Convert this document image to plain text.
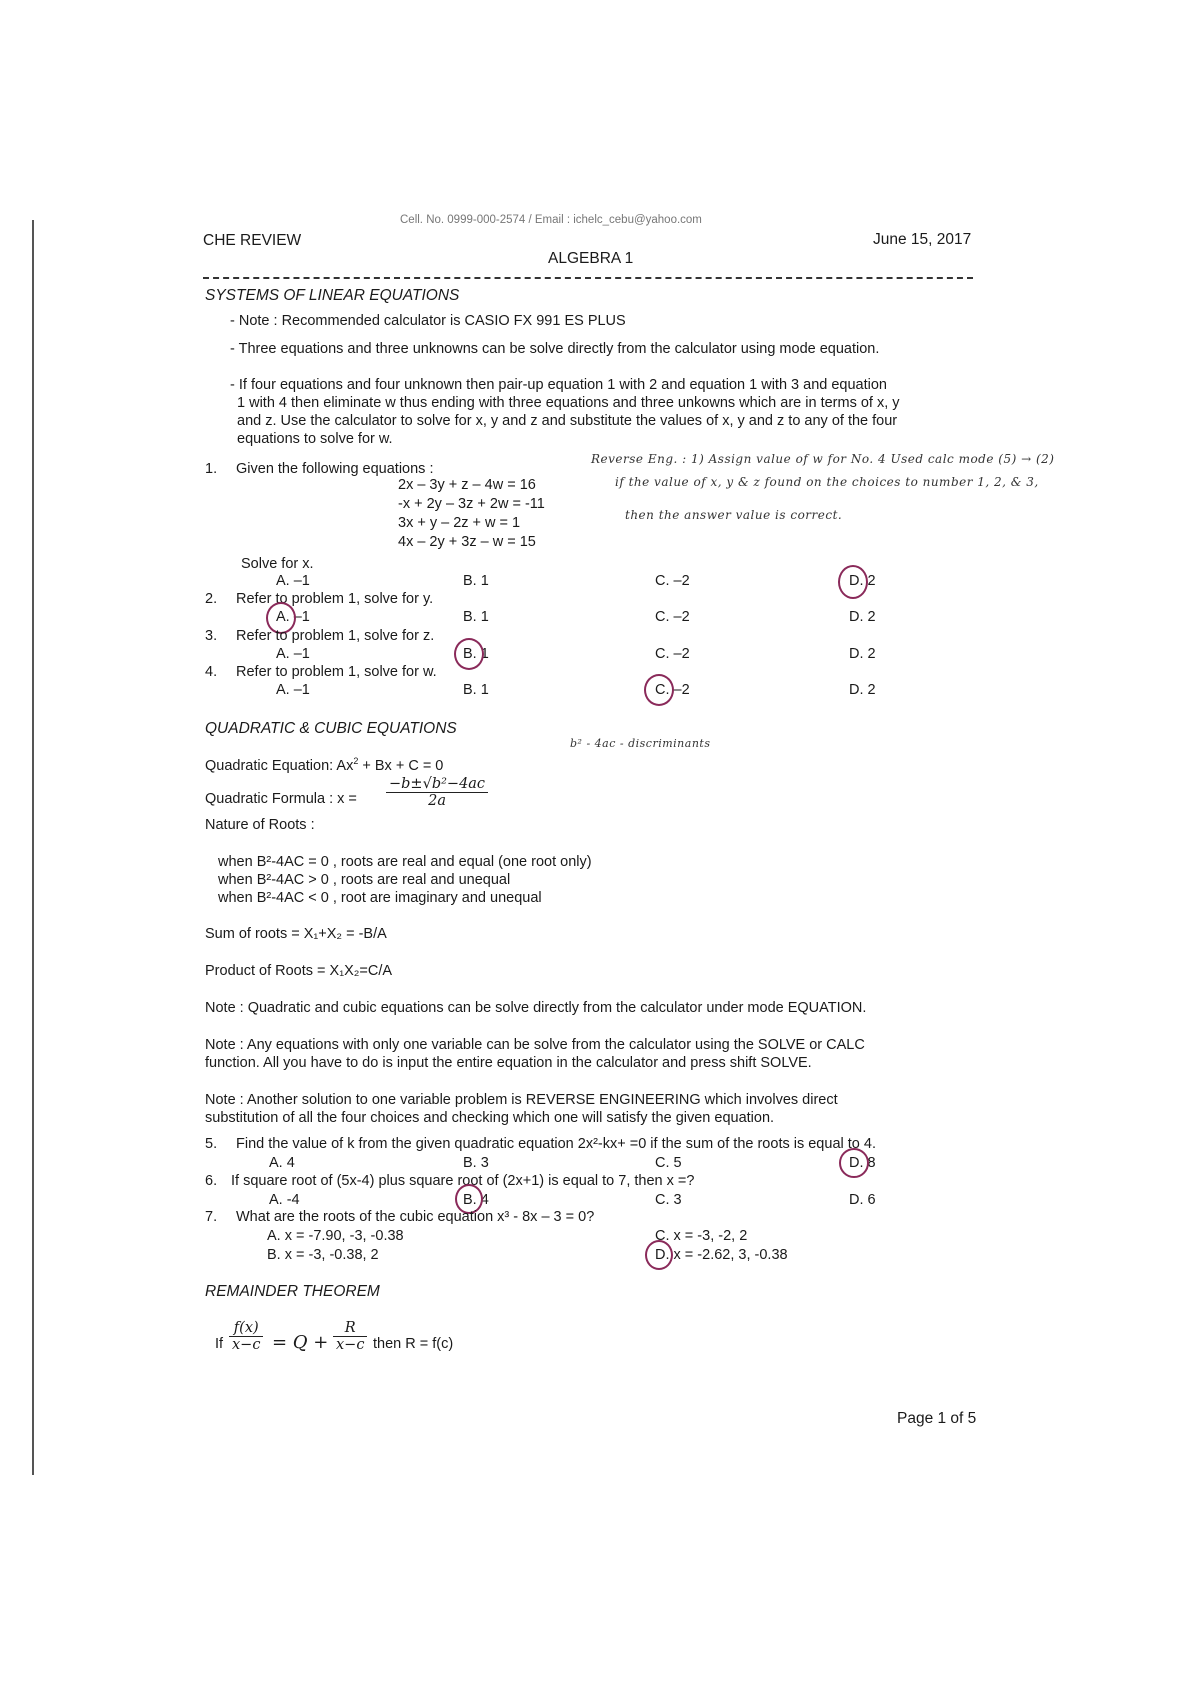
Cell. No. 0999-000-2574 / Email : ichelc_cebu@yahoo.com
CHE REVIEW	June 15, 2017
ALGEBRA 1
SYSTEMS OF LINEAR EQUATIONS
- Note : Recommended calculator is CASIO FX 991 ES PLUS
- Three equations and three unknowns can be solve directly from the calculator using mode equation.
- If four equations and four unknown then pair-up equation 1 with 2 and equation 1 with 3 and equation
1 with 4 then eliminate w thus ending with three equations and three unkowns which are in terms of x, y
and z. Use the calculator to solve for x, y and z and substitute the values of x, y and z to any of the four
equations to solve for w.
1. Given the following equations :
2x – 3y + z – 4w = 16
-x + 2y – 3z + 2w = -11
3x + y – 2z + w = 1
4x – 2y + 3z – w = 15
Reverse Eng. : 1) Assign value of w for No. 4 Used calc mode (5) → (2)
if the value of x, y & z found on the choices to number 1, 2, & 3,
then the answer value is correct.
Solve for x.
A. –1	B. 1	C. –2	D. 2
2. Refer to problem 1, solve for y.
A. –1	B. 1	C. –2	D. 2
3. Refer to problem 1, solve for z.
A. –1	B. 1	C. –2	D. 2
4. Refer to problem 1, solve for w.
A. –1	B. 1	C. –2	D. 2
QUADRATIC & CUBIC EQUATIONS
b² - 4ac - discriminants
Quadratic Equation: $Ax^2 + Bx + C = 0$
Quadratic Formula : $x = \frac{\text{−b±√b²−4ac}}{2a}$
Nature of Roots :
when B²-4AC = 0 , roots are real and equal (one root only)
when B²-4AC > 0 , roots are real and unequal
when B²-4AC < 0 , root are imaginary and unequal
Sum of roots = X₁+X₂ = -B/A
Product of Roots = X₁X₂=C/A
Note : Quadratic and cubic equations can be solve directly from the calculator under mode EQUATION.
Note : Any equations with only one variable can be solve from the calculator using the SOLVE or CALC
function. All you have to do is input the entire equation in the calculator and press shift SOLVE.
Note : Another solution to one variable problem is REVERSE ENGINEERING which involves direct
substitution of all the four choices and checking which one will satisfy the given equation.
5. Find the value of k from the given quadratic equation 2x²-kx+ =0 if the sum of the roots is equal to 4.
A. 4	B. 3	C. 5	D. 8
6. If square root of (5x-4) plus square root of (2x+1) is equal to 7, then x =?
A. -4	B. 4	C. 3	D. 6
7. What are the roots of the cubic equation x³ - 8x – 3 = 0?
A. x = -7.90, -3, -0.38	C. x = -3, -2, 2
B. x = -3, -0.38, 2	D. x = -2.62, 3, -0.38
REMAINDER THEOREM
If $\frac{f(x)}{x-c} = Q + \frac{R}{x-c}$ then R = f(c)
Page 1 of 5
